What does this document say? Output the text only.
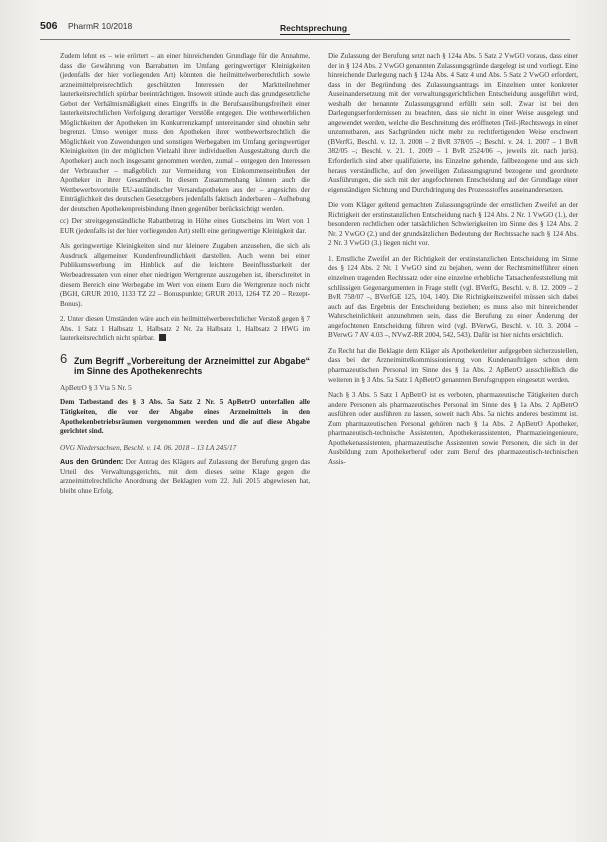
506 PharmR 10/2018	Rechtsprechung

Zudem lehnt es – wie erörtert – an einer hinreichenden Grundlage für die Annahme, dass die Gewährung von Barrabatten im Umfang geringwertiger Kleinigkeiten (jedenfalls der hier vorliegenden Art) könnten die heilmittelwerberechtlich sowie arzneimittelpreisrechtlich geschützten Interessen der Marktteilnehmer lauterkeitsrechtlich spürbar beeinträchtigen. Insoweit stünde auch das grundgesetzliche Gebot der Verhältnismäßigkeit eines Eingriffs in die Berufsausübungsfreiheit einer lauterkeitsrechtlichen Verfolgung derartiger Verstöße entgegen. Die wettbewerblichen Möglichkeiten der Apotheken im Konkurrenzkampf untereinander sind ohnehin sehr begrenzt. Umso weniger muss den Apotheken ihrer wettbewerbsrechtlich die Möglichkeit von Zuwendungen und sonstigen Werbegaben im Umfang geringwertiger Kleinigkeiten (in der möglichen Vielzahl ihrer individuellen Ausgestaltung durch die Apotheker) auch noch insgesamt genommen werden, zumal – entgegen den Interessen der Verbraucher – maßgeblich zur Vermeidung von Einkommenseinbußen der Apotheker in ihrer Gesamtheit. In diesem Zusammenhang können auch die Wettbewerbsvorteile EU-ausländischer Versandapotheken aus der – angesichts der Einträglichkeit des deutschen Gesetzgebers jedenfalls faktisch änderbaren – Aufhebung der deutschen Apothekenpreisbindung ihnen gegenüber berücksichtigt werden.

cc) Der streitgegenständliche Rabattbetrag in Höhe eines Gutscheins im Wert von 1 EUR (jedenfalls ist der hier vorliegenden Art) stellt eine geringwertige Kleinigkeit dar.

Als geringwertige Kleinigkeiten sind nur kleinere Zugaben anzusehen, die sich als Ausdruck allgemeiner Kundenfreundlichkeit darstellen. Auch wenn bei einer Publikumswerbung im Hinblick auf die leichtere Beeinflussbarkeit der Werbeadressaten von einer eher niedrigen Wertgrenze auszugehen ist, überschreitet in diesem Bereich eine Werbegabe im Wert von einem Euro die Wertgrenze noch nicht (BGH, GRUR 2010, 1133 TZ 22 – Bonuspunkte; GRUR 2013, 1264 TZ 20 – Rezept-Bonus).

2. Unter diesen Umständen wäre auch ein heilmittelwerberechtlicher Verstoß gegen § 7 Abs. 1 Satz 1 Halbsatz 1, Halbsatz 2 Nr. 2a Halbsatz 1, Halbsatz 2 HWG im lauterkeitsrechtlich nicht spürbar.

6 Zum Begriff „Vorbereitung der Arzneimittel zur Abgabe“ im Sinne des Apothekenrechts
ApBetrO § 3 Vta 5 Nr. 5
Dem Tatbestand des § 3 Abs. 5a Satz 2 Nr. 5 ApBetrO unterfallen alle Tätigkeiten, die vor der Abgabe eines Arzneimittels in den Apothekenbetriebsräumen vorgenommen werden und die auf diese Abgabe gerichtet sind.
OVG Niedersachsen, Beschl. v. 14. 06. 2018 – 13 LA 245/17

Aus den Gründen: Der Antrag des Klägers auf Zulassung der Berufung gegen das Urteil des Verwaltungsgerichts, mit dem dieses seine Klage gegen die arzneimittelrechtliche Anordnung der Beklagten vom 22. Juli 2015 abgewiesen hat, bleibt ohne Erfolg.

Die Zulassung der Berufung setzt nach § 124a Abs. 5 Satz 2 VwGO voraus, dass einer der in § 124 Abs. 2 VwGO genannten Zulassungsgründe dargelegt ist und vorliegt. Eine hinreichende Darlegung nach § 124a Abs. 4 Satz 4 und Abs. 5 Satz 2 VwGO erfordert, dass in der Begründung des Zulassungsantrags im Einzelnen unter konkreter Auseinandersetzung mit der verwaltungsgerichtlichen Entscheidung ausgeführt wird, weshalb der benannte Zulassungsgrund erfüllt sein soll. Zwar ist bei den Darlegungserfordernissen zu beachten, dass sie nicht in einer Weise ausgelegt und angewendet werden, welche die Beschreitung des eröffneten (Teil-)Rechtswegs in einer unzumutbaren, aus Sachgründen nicht mehr zu rechtfertigenden Weise erschwert (BVerfG, Beschl. v. 12. 3. 2008 – 2 BvR 378/05 –; Beschl. v. 24. 1. 2007 – 1 BvR 382/05 –; Beschl. v. 21. 1. 2009 – 1 BvR 2524/06 –, jeweils zit. nach juris). Erforderlich sind aber qualifizierte, ins Einzelne gehende, fallbezogene und aus sich heraus verständliche, auf den jeweiligen Zulassungsgrund bezogene und geordnete Ausführungen, die sich mit der angefochtenen Entscheidung auf der Grundlage einer eigenständigen Sichtung und Durchdringung des Prozessstoffes auseinandersetzen.

Die vom Kläger geltend gemachten Zulassungsgründe der ernstlichen Zweifel an der Richtigkeit der erstinstanzlichen Entscheidung nach § 124 Abs. 2 Nr. 1 VwGO (1.), der besonderen rechtlichen oder tatsächlichen Schwierigkeiten im Sinne des § 124 Abs. 2 Nr. 2 VwGO (2.) und der grundsätzlichen Bedeutung der Rechtssache nach § 124 Abs. 2 Nr. 3 VwGO (3.) liegen nicht vor.

1. Ernstliche Zweifel an der Richtigkeit der erstinstanzlichen Entscheidung im Sinne des § 124 Abs. 2 Nr. 1 VwGO sind zu bejahen, wenn der Rechtsmittelführer einen einzelnen tragenden Rechtssatz oder eine einzelne erhebliche Tatsachenfeststellung mit schlüssigen Gegenargumenten in Frage stellt (vgl. BVerfG, Beschl. v. 8. 12. 2009 – 2 BvR 758/07 –, BVerfGE 125, 104, 140). Die Richtigkeitszweifel müssen sich dabei auch auf das Ergebnis der Entscheidung beziehen; es muss also mit hinreichender Wahrscheinlichkeit anzunehmen sein, dass die Berufung zu einer Änderung der angefochtenen Entscheidung führen wird (vgl. BVerwG, Beschl. v. 10. 3. 2004 – BVerwG 7 AV 4.03 –, NVwZ-RR 2004, 542, 543). Dafür ist hier nichts ersichtlich.

Zu Recht hat die Beklagte dem Kläger als Apothekenleiter aufgegeben sicherzustellen, dass bei der Arzneimittelkommissionierung von Kundenaufträgen schon dem pharmazeutischen Personal im Sinne des § 1a Abs. 2 ApBetrO ausschließlich die weiteren in § 3 Abs. 5a Satz 1 ApBetrO genannten Berufsgruppen eingesetzt werden.

Nach § 3 Abs. 5 Satz 1 ApBetrO ist es verboten, pharmazeutische Tätigkeiten durch andere Personen als pharmazeutisches Personal im Sinne des § 1a Abs. 2 ApBetrO ausführen oder ausführen zu lassen, soweit nach Abs. 5a nichts anderes bestimmt ist. Zum pharmazeutischen Personal gehören nach § 1a Abs. 2 ApBetrO Apotheker, pharmazeutisch-technische Assistenten, Apothekerassistenten, Pharmazieingenieure, Apothekenassistenten, pharmazeutische Assistenten sowie Personen, die sich in der Ausbildung zum Apothekerberuf oder zum Beruf des pharmazeutisch-technischen Assis-
